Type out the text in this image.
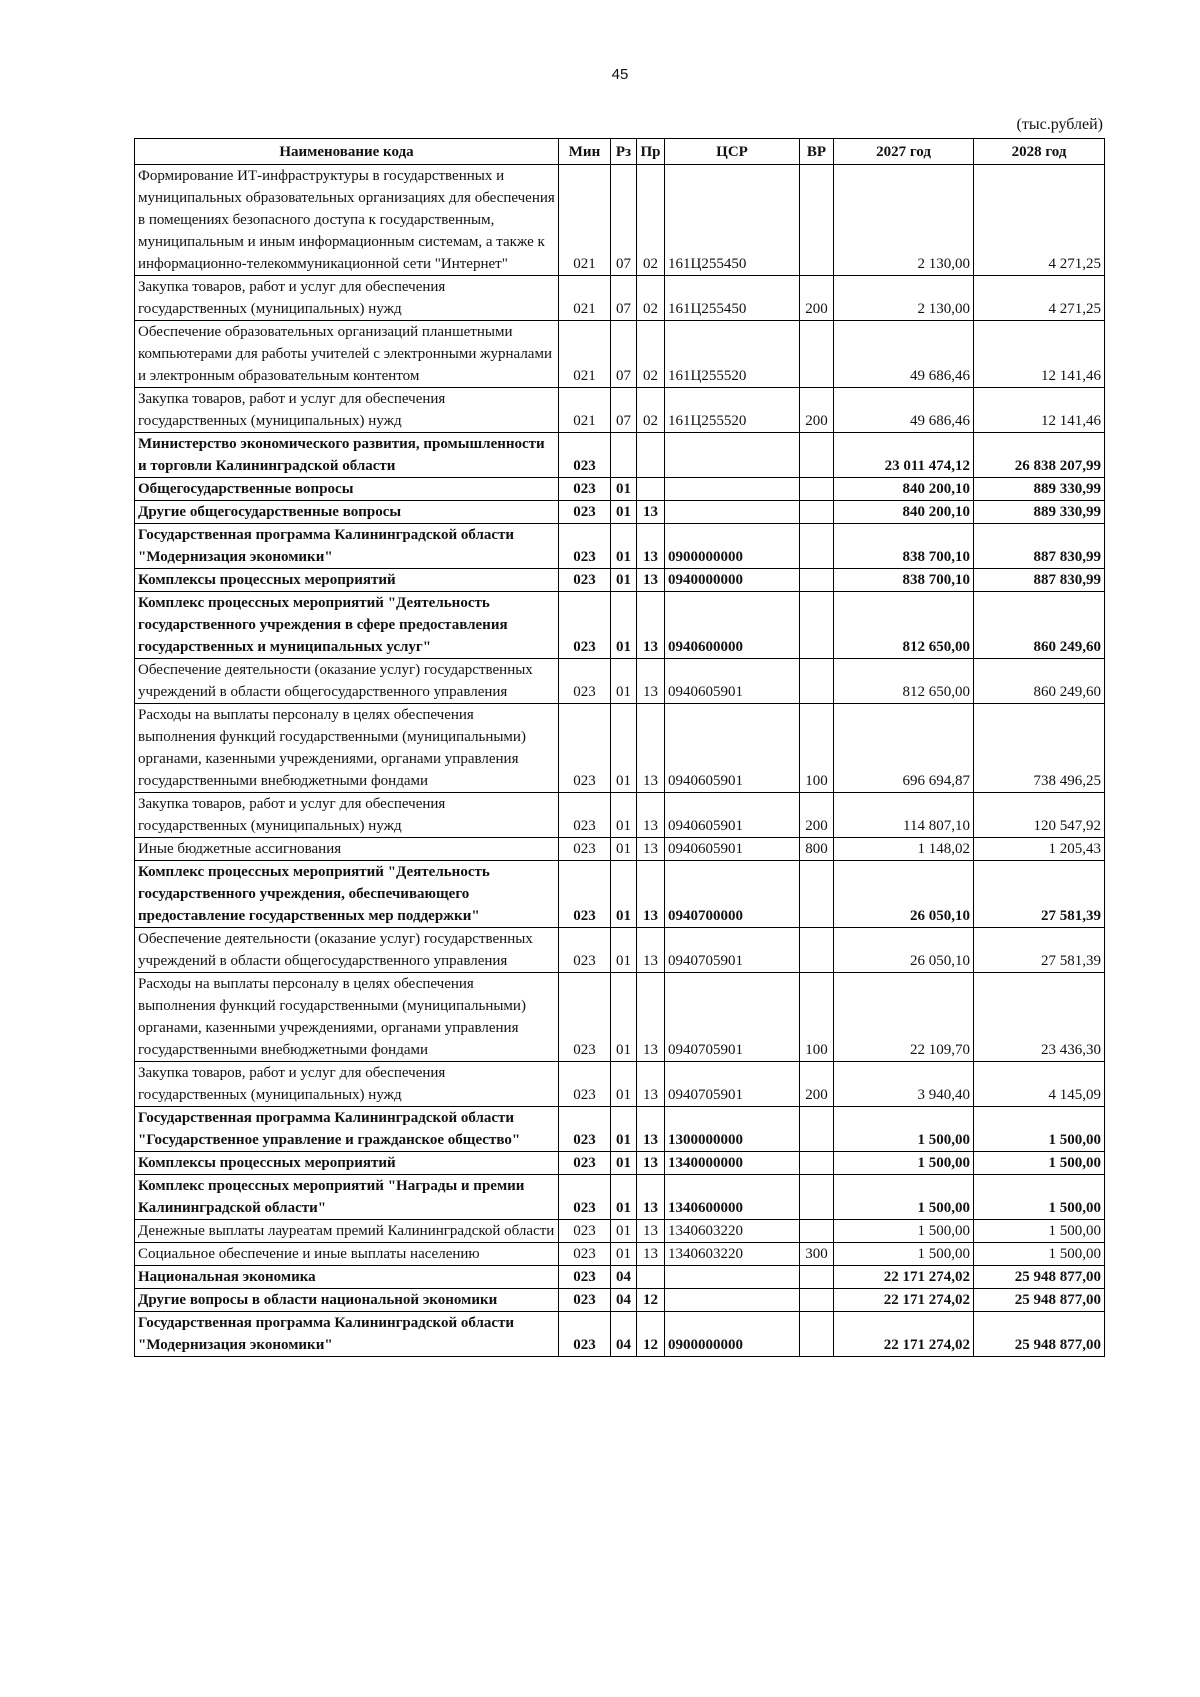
45
(тыс.рублей)
Наименование кода	Мин	Рз	Пр	ЦСР	ВР	2027 год	2028 год
Формирование ИТ-инфраструктуры в государственных и муниципальных образовательных организациях для обеспечения в помещениях безопасного доступа к государственным, муниципальным и иным информационным системам, а также к информационно-телекоммуникационной сети "Интернет"	021	07	02	161Ц255450		2 130,00	4 271,25
Закупка товаров, работ и услуг для обеспечения государственных (муниципальных) нужд	021	07	02	161Ц255450	200	2 130,00	4 271,25
Обеспечение образовательных организаций планшетными компьютерами для работы учителей с электронными журналами и электронным образовательным контентом	021	07	02	161Ц255520		49 686,46	12 141,46
Закупка товаров, работ и услуг для обеспечения государственных (муниципальных) нужд	021	07	02	161Ц255520	200	49 686,46	12 141,46
Министерство экономического развития, промышленности и торговли Калининградской области	023					23 011 474,12	26 838 207,99
Общегосударственные вопросы	023	01				840 200,10	889 330,99
Другие общегосударственные вопросы	023	01	13			840 200,10	889 330,99
Государственная программа Калининградской области "Модернизация экономики"	023	01	13	0900000000		838 700,10	887 830,99
Комплексы процессных мероприятий	023	01	13	0940000000		838 700,10	887 830,99
Комплекс процессных мероприятий "Деятельность государственного учреждения в сфере предоставления государственных и муниципальных услуг"	023	01	13	0940600000		812 650,00	860 249,60
Обеспечение деятельности (оказание услуг) государственных учреждений в области общегосударственного управления	023	01	13	0940605901		812 650,00	860 249,60
Расходы на выплаты персоналу в целях обеспечения выполнения функций государственными (муниципальными) органами, казенными учреждениями, органами управления государственными внебюджетными фондами	023	01	13	0940605901	100	696 694,87	738 496,25
Закупка товаров, работ и услуг для обеспечения государственных (муниципальных) нужд	023	01	13	0940605901	200	114 807,10	120 547,92
Иные бюджетные ассигнования	023	01	13	0940605901	800	1 148,02	1 205,43
Комплекс процессных мероприятий "Деятельность государственного учреждения, обеспечивающего предоставление государственных мер поддержки"	023	01	13	0940700000		26 050,10	27 581,39
Обеспечение деятельности (оказание услуг) государственных учреждений в области общегосударственного управления	023	01	13	0940705901		26 050,10	27 581,39
Расходы на выплаты персоналу в целях обеспечения выполнения функций государственными (муниципальными) органами, казенными учреждениями, органами управления государственными внебюджетными фондами	023	01	13	0940705901	100	22 109,70	23 436,30
Закупка товаров, работ и услуг для обеспечения государственных (муниципальных) нужд	023	01	13	0940705901	200	3 940,40	4 145,09
Государственная программа Калининградской области "Государственное управление и гражданское общество"	023	01	13	1300000000		1 500,00	1 500,00
Комплексы процессных мероприятий	023	01	13	1340000000		1 500,00	1 500,00
Комплекс процессных мероприятий "Награды и премии Калининградской области"	023	01	13	1340600000		1 500,00	1 500,00
Денежные выплаты лауреатам премий Калининградской области	023	01	13	1340603220		1 500,00	1 500,00
Социальное обеспечение и иные выплаты населению	023	01	13	1340603220	300	1 500,00	1 500,00
Национальная экономика	023	04				22 171 274,02	25 948 877,00
Другие вопросы в области национальной экономики	023	04	12			22 171 274,02	25 948 877,00
Государственная программа Калининградской области "Модернизация экономики"	023	04	12	0900000000		22 171 274,02	25 948 877,00
